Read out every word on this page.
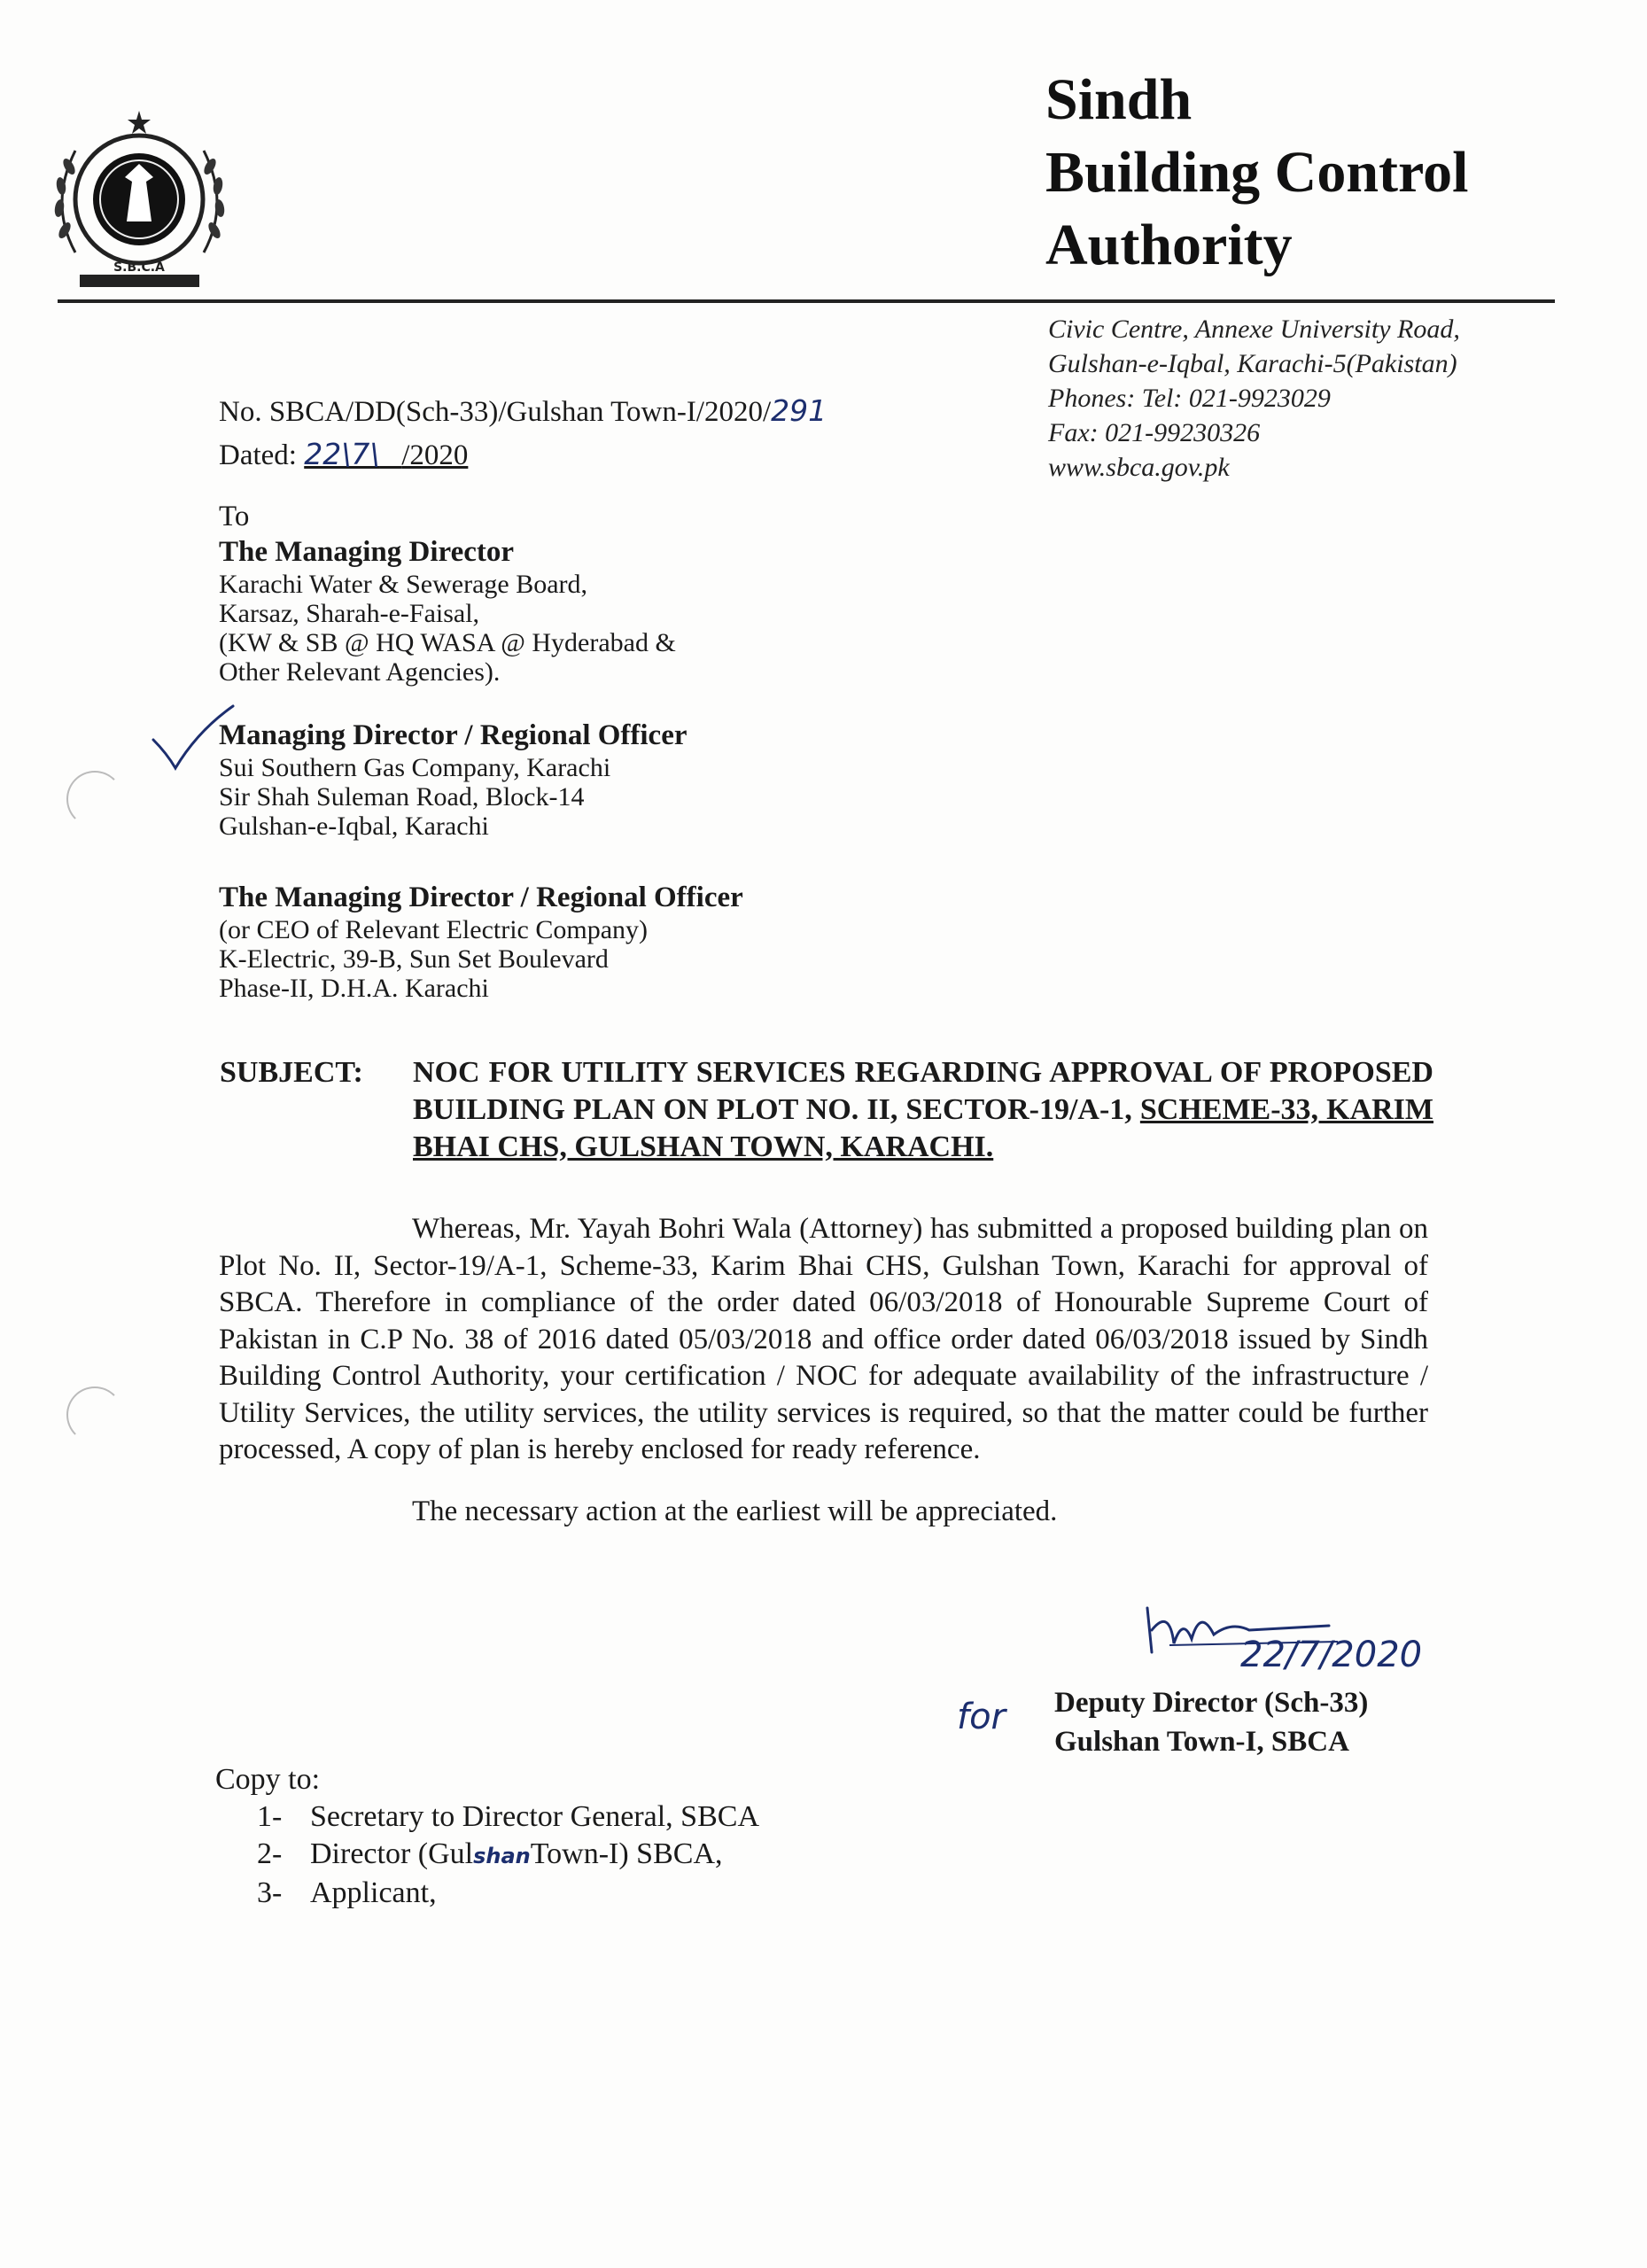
S.B.C.A
Sindh
Building Control
Authority
Civic Centre, Annexe University Road,
Gulshan-e-Iqbal, Karachi-5(Pakistan)
Phones: Tel: 021-9923029
Fax: 021-99230326
www.sbca.gov.pk
No. SBCA/DD(Sch-33)/Gulshan Town-I/2020/291
Dated: 22\7\ /2020
To
The Managing Director
Karachi Water & Sewerage Board,
Karsaz, Sharah-e-Faisal,
(KW & SB @ HQ WASA @ Hyderabad &
Other Relevant Agencies).
Managing Director / Regional Officer
Sui Southern Gas Company, Karachi
Sir Shah Suleman Road, Block-14
Gulshan-e-Iqbal, Karachi
The Managing Director / Regional Officer
(or CEO of Relevant Electric Company)
K-Electric, 39-B, Sun Set Boulevard
Phase-II, D.H.A. Karachi
SUBJECT: NOC FOR UTILITY SERVICES REGARDING APPROVAL OF PROPOSED BUILDING PLAN ON PLOT NO. II, SECTOR-19/A-1, SCHEME-33, KARIM BHAI CHS, GULSHAN TOWN, KARACHI.

Whereas, Mr. Yayah Bohri Wala (Attorney) has submitted a proposed building plan on Plot No. II, Sector-19/A-1, Scheme-33, Karim Bhai CHS, Gulshan Town, Karachi for approval of SBCA. Therefore in compliance of the order dated 06/03/2018 of Honourable Supreme Court of Pakistan in C.P No. 38 of 2016 dated 05/03/2018 and office order dated 06/03/2018 issued by Sindh Building Control Authority, your certification / NOC for adequate availability of the infrastructure / Utility Services, the utility services, the utility services is required, so that the matter could be further processed, A copy of plan is hereby enclosed for ready reference.

The necessary action at the earliest will be appreciated.
22/7/2020
for Deputy Director (Sch-33)
Gulshan Town-I, SBCA
Copy to:
1- Secretary to Director General, SBCA
2- Director (GulshanTown-I) SBCA,
3- Applicant,
